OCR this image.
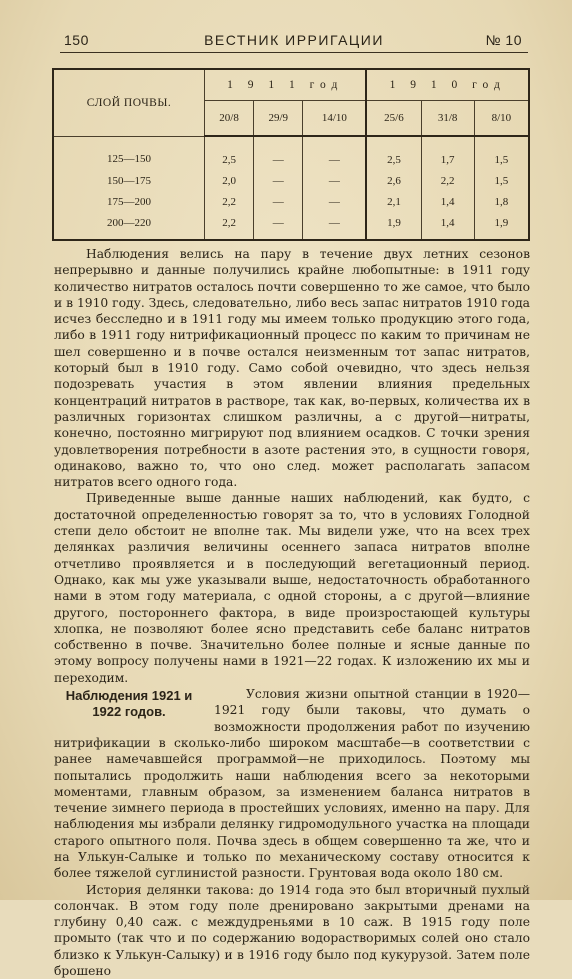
150	ВЕСТНИК ИРРИГАЦИИ	№ 10
СЛОЙ ПОЧВЫ.	1 9 1 1 год			1 9 1 0 год		
	20/8	29/9	14/10	25/6	31/8	8/10
125—150	2,5	—	—	2,5	1,7	1,5
150—175	2,0	—	—	2,6	2,2	1,5
175—200	2,2	—	—	2,1	1,4	1,8
200—220	2,2	—	—	1,9	1,4	1,9

Наблюдения велись на пару в течение двух летних сезонов непрерывно и данные получились крайне любопытные: в 1911 году количество нитратов осталось почти совершенно то же самое, что было и в 1910 году. Здесь, следовательно, либо весь запас нитратов 1910 года исчез бесследно и в 1911 году мы имеем только продукцию этого года, либо в 1911 году нитрификационный процесс по каким то причинам не шел совершенно и в почве остался неизменным тот запас нитратов, который был в 1910 году. Само собой очевидно, что здесь нельзя подозревать участия в этом явлении влияния предельных концентраций нитратов в растворе, так как, во-первых, количества их в различных горизонтах слишком различны, а с другой—нитраты, конечно, постоянно мигрируют под влиянием осадков. С точки зрения удовлетворения потребности в азоте растения это, в сущности говоря, одинаково, важно то, что оно след. может располагать запасом нитратов всего одного года.

Приведенные выше данные наших наблюдений, как будто, с достаточной определенностью говорят за то, что в условиях Голодной степи дело обстоит не вполне так. Мы видели уже, что на всех трех делянках различия величины осеннего запаса нитратов вполне отчетливо проявляется и в последующий вегетационный период. Однако, как мы уже указывали выше, недостаточность обработанного нами в этом году материала, с одной стороны, а с другой—влияние другого, постороннего фактора, в виде произростающей культуры хлопка, не позволяют более ясно представить себе баланс нитратов собственно в почве. Значительно более полные и ясные данные по этому вопросу получены нами в 1921—22 годах. К изложению их мы и переходим.

Наблюдения 1921 и 1922 годов.

Условия жизни опытной станции в 1920—1921 году были таковы, что думать о возможности продолжения работ по изучению нитрификации в сколько-либо широком масштабе—в соответствии с ранее намечавшейся программой—не приходилось. Поэтому мы попытались продолжить наши наблюдения всего за некоторыми моментами, главным образом, за изменением баланса нитратов в течение зимнего периода в простейших условиях, именно на пару. Для наблюдения мы избрали делянку гидромодульного участка на площади старого опытного поля. Почва здесь в общем совершенно та же, что и на Улькун-Салыке и только по механическому составу относится к более тяжелой суглинистой разности. Грунтовая вода около 180 см.

История делянки такова: до 1914 года это был вторичный пухлый солончак. В этом году поле дренировано закрытыми дренами на глубину 0,40 саж. с междудреньями в 10 саж. В 1915 году поле промыто (так что и по содержанию водорастворимых солей оно стало близко к Улькун-Салыку) и в 1916 году было под кукурузой. Затем поле брошено
